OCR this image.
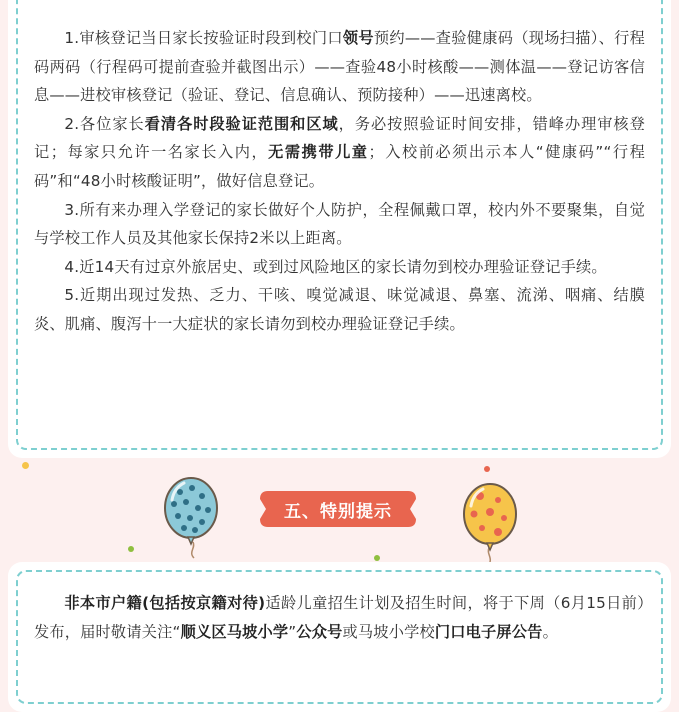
1.审核登记当日家长按验证时段到校门口领号预约——查验健康码（现场扫描）、行程码两码（行程码可提前查验并截图出示）——查验48小时核酸——测体温——登记访客信息——进校审核登记（验证、登记、信息确认、预防接种）——迅速离校。

2.各位家长看清各时段验证范围和区域，务必按照验证时间安排，错峰办理审核登记；每家只允许一名家长入内，无需携带儿童；入校前必须出示本人“健康码”“行程码”和“48小时核酸证明”，做好信息登记。

3.所有来办理入学登记的家长做好个人防护，全程佩戴口罩，校内外不要聚集，自觉与学校工作人员及其他家长保持2米以上距离。

4.近14天有过京外旅居史、或到过风险地区的家长请勿到校办理验证登记手续。

5.近期出现过发热、乏力、干咳、嗅觉减退、味觉减退、鼻塞、流涕、咽痛、结膜炎、肌痛、腹泻十一大症状的家长请勿到校办理验证登记手续。

五、特别提示

非本市户籍(包括按京籍对待)适龄儿童招生计划及招生时间，将于下周（6月15日前）发布，届时敬请关注“顺义区马坡小学”公众号或马坡小学校门口电子屏公告。
